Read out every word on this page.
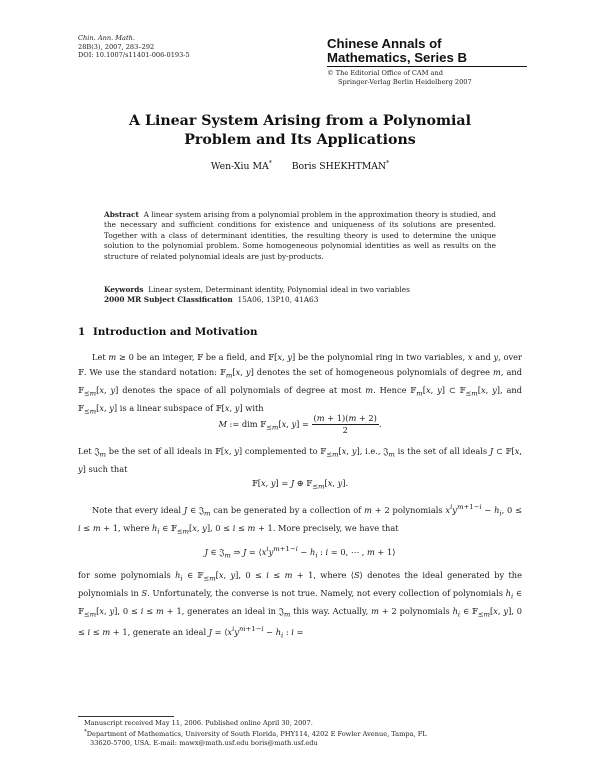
Chin. Ann. Math.
28B(3), 2007, 283–292
DOI: 10.1007/s11401-006-0193-5
Chinese Annals of
Mathematics, Series B
© The Editorial Office of CAM and
Springer-Verlag Berlin Heidelberg 2007
A Linear System Arising from a Polynomial
Problem and Its Applications
Wen-Xiu MA* Boris SHEKHTMAN*
Abstract A linear system arising from a polynomial problem in the approximation theory is studied, and the necessary and sufficient conditions for existence and uniqueness of its solutions are presented. Together with a class of determinant identities, the resulting theory is used to determine the unique solution to the polynomial problem. Some homogeneous polynomial identities as well as results on the structure of related polynomial ideals are just by-products.
Keywords Linear system, Determinant identity, Polynomial ideal in two variables
2000 MR Subject Classification 15A06, 13P10, 41A63
1 Introduction and Motivation

Let m ≥ 0 be an integer, 𝔽 be a field, and 𝔽[x, y] be the polynomial ring in two variables, x and y, over 𝔽. We use the standard notation: 𝔽$_m$[x, y] denotes the set of homogeneous polynomials of degree m, and 𝔽$_{\le m}$[x, y] denotes the space of all polynomials of degree at most m. Hence 𝔽$_m$[x, y] ⊂ 𝔽$_{\le m}$[x, y], and 𝔽$_{\le m}$[x, y] is a linear subspace of 𝔽[x, y] with

M := dim 𝔽$_{\le m}$[x, $y] = \frac{(m + 1)(m + 2)}{2}$ .

Let 𝔍$_m$ be the set of all ideals in 𝔽[x, y] complemented to 𝔽$_{\le m}$[x, y], i.e., 𝔍$_m$ is the set of all ideals J ⊂ 𝔽[x, y] such that

𝔽[x, y] = J ⊕ 𝔽$_{\le m}$[x, y].

Note that every ideal J ∈ 𝔍$_m$ can be generated by a collection of m + 2 polynomials $x^iy^{m+1-i} - h_i$, 0 ≤ i ≤ m + 1, where $h_i$ ∈ 𝔽$_{\le m}$[x, y], 0 ≤ i ≤ m + 1. More precisely, we have that

J ∈ 𝔍$_m$ ⇒ $J = ⟨x^iy^{m+1-i} - h_i$ : i = 0, ⋯ , m + 1⟩

for some polynomials $h_i$ ∈ 𝔽$_{\le m}$[x, y], 0 ≤ i ≤ m + 1, where ⟨S⟩ denotes the ideal generated by the polynomials in S. Unfortunately, the converse is not true. Namely, not every collection of polynomials $h_i$ ∈ 𝔽$_{\le m}$[x, y], 0 ≤ i ≤ m + 1, generates an ideal in 𝔍$_m$ this way. Actually, m + 2 polynomials $h_i$ ∈ 𝔽$_{\le m}$[x, y], 0 ≤ i ≤ m + 1, generate an ideal $J = ⟨x^iy^{m+1-i} - h_i$ : i =

Manuscript received May 11, 2006. Published online April 30, 2007.

*Department of Mathematics, University of South Florida, PHY114, 4202 E Fowler Avenue, Tampa, FL

33620-5700, USA. E-mail: mawx@math.usf.edu boris@math.usf.edu
